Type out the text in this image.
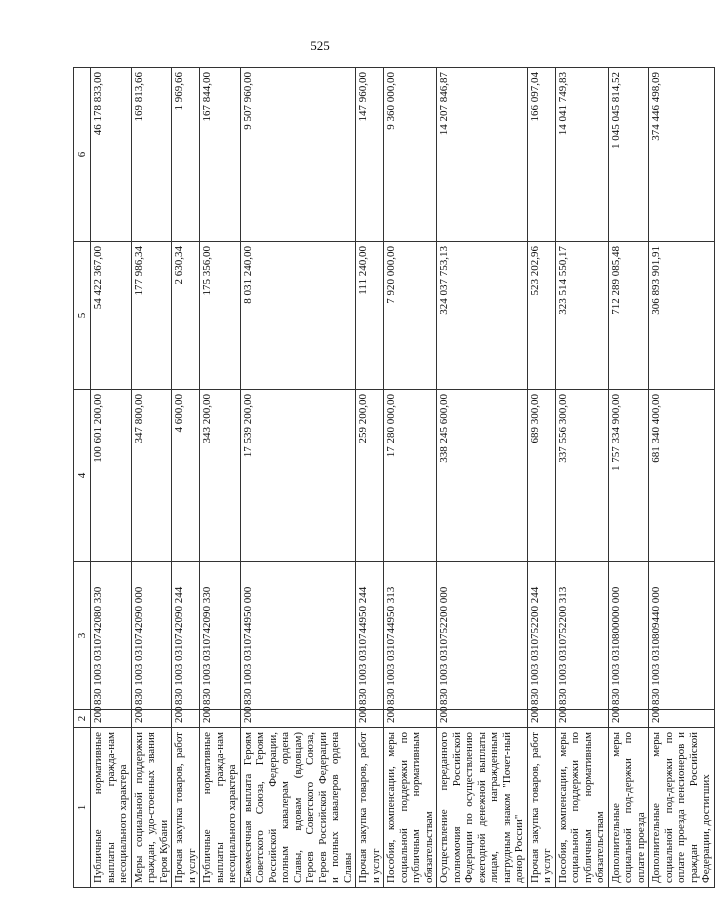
525
1	2	3	4	5	6
Публичные нормативные выплаты граждa-нам несоциального характера	200	830 1003 0310742080 330	100 601 200,00	54 422 367,00	46 178 833,00
Меры социальной поддержки граждан, удо-стоенных звания Героя Кубани	200	830 1003 0310742090 000	347 800,00	177 986,34	169 813,66
Прочая закупка товаров, работ и услуг	200	830 1003 0310742090 244	4 600,00	2 630,34	1 969,66
Публичные нормативные выплаты гражда-нам несоциального характера	200	830 1003 0310742090 330	343 200,00	175 356,00	167 844,00
Ежемесячная выплата Героям Советского Союза, Героям Российской Федерации, полным кавалерам ордена Славы, вдовам (вдовцам) Героев Советского Союза, Героев Российской Федерации и полных кавалеров ордена Славы	200	830 1003 0310744950 000	17 539 200,00	8 031 240,00	9 507 960,00
Прочая закупка товаров, работ и услуг	200	830 1003 0310744950 244	259 200,00	111 240,00	147 960,00
Пособия, компенсации, меры социальной поддержки по публичным нормативным обязательствам	200	830 1003 0310744950 313	17 280 000,00	7 920 000,00	9 360 000,00
Осуществление переданного полномочия Российской Федерации по осуществлению ежегодной денежной выплаты лицам, награжденным нагрудным знаком "Почет-ный донор России"	200	830 1003 0310752200 000	338 245 600,00	324 037 753,13	14 207 846,87
Прочая закупка товаров, работ и услуг	200	830 1003 0310752200 244	689 300,00	523 202,96	166 097,04
Пособия, компенсации, меры социальной поддержки по публичным нормативным обязательствам	200	830 1003 0310752200 313	337 556 300,00	323 514 550,17	14 041 749,83
Дополнительные меры социальной под-держки по оплате проезда	200	830 1003 0310800000 000	1 757 334 900,00	712 289 085,48	1 045 045 814,52
Дополнительные меры социальной под-держки по оплате проезда пенсионеров и граждан Российской Федерации, достигших	200	830 1003 0310809440 000	681 340 400,00	306 893 901,91	374 446 498,09
